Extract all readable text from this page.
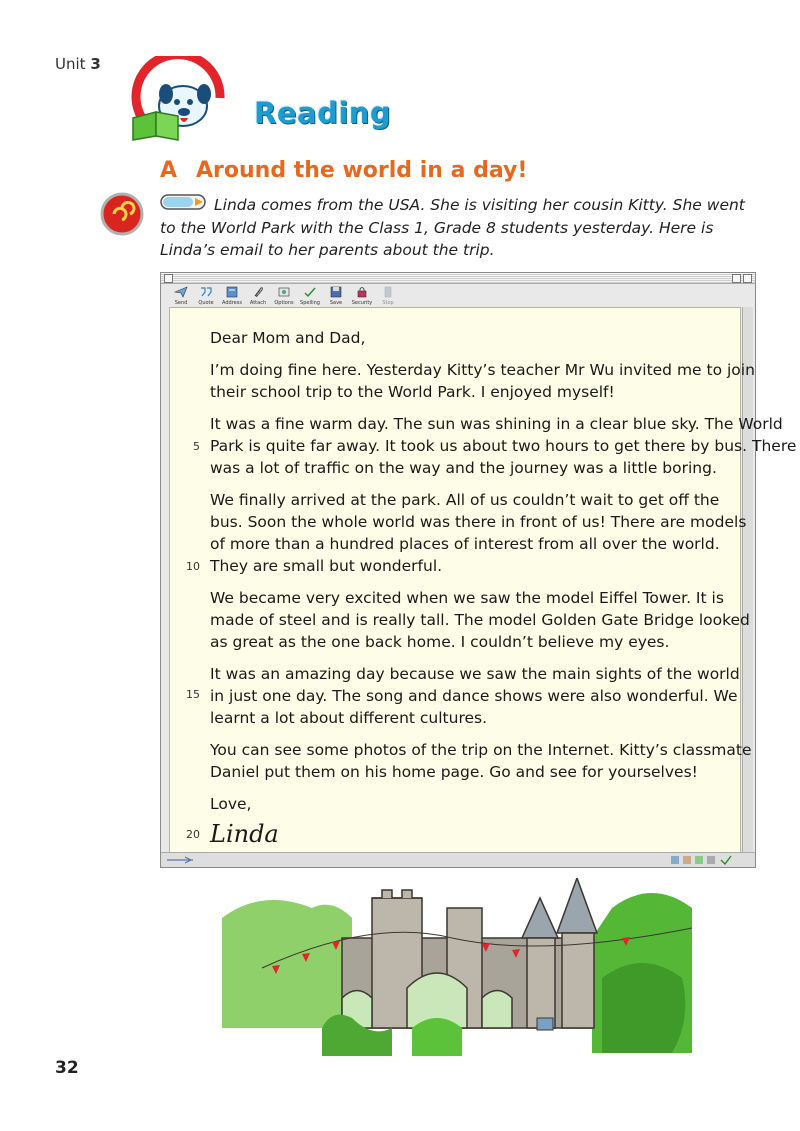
Unit 3
Reading
A Around the world in a day!
Linda comes from the USA. She is visiting her cousin Kitty. She went to the World Park with the Class 1, Grade 8 students yesterday. Here is Linda’s email to her parents about the trip.
Send	Quote	Address	Attach	Options	Spelling	Save	Security	Stop
Dear Mom and Dad,
I’m doing fine here. Yesterday Kitty’s teacher Mr Wu invited me to join
their school trip to the World Park. I enjoyed myself!
It was a fine warm day. The sun was shining in a clear blue sky. The World
Park is quite far away. It took us about two hours to get there by bus. There
was a lot of traffic on the way and the journey was a little boring.
We finally arrived at the park. All of us couldn’t wait to get off the
bus. Soon the whole world was there in front of us! There are models
of more than a hundred places of interest from all over the world.
They are small but wonderful.
We became very excited when we saw the model Eiffel Tower. It is
made of steel and is really tall. The model Golden Gate Bridge looked
as great as the one back home. I couldn’t believe my eyes.
It was an amazing day because we saw the main sights of the world
in just one day. The song and dance shows were also wonderful. We
learnt a lot about different cultures.
You can see some photos of the trip on the Internet. Kitty’s classmate
Daniel put them on his home page. Go and see for yourselves!
Love,
Linda
5
10
15
20
32
